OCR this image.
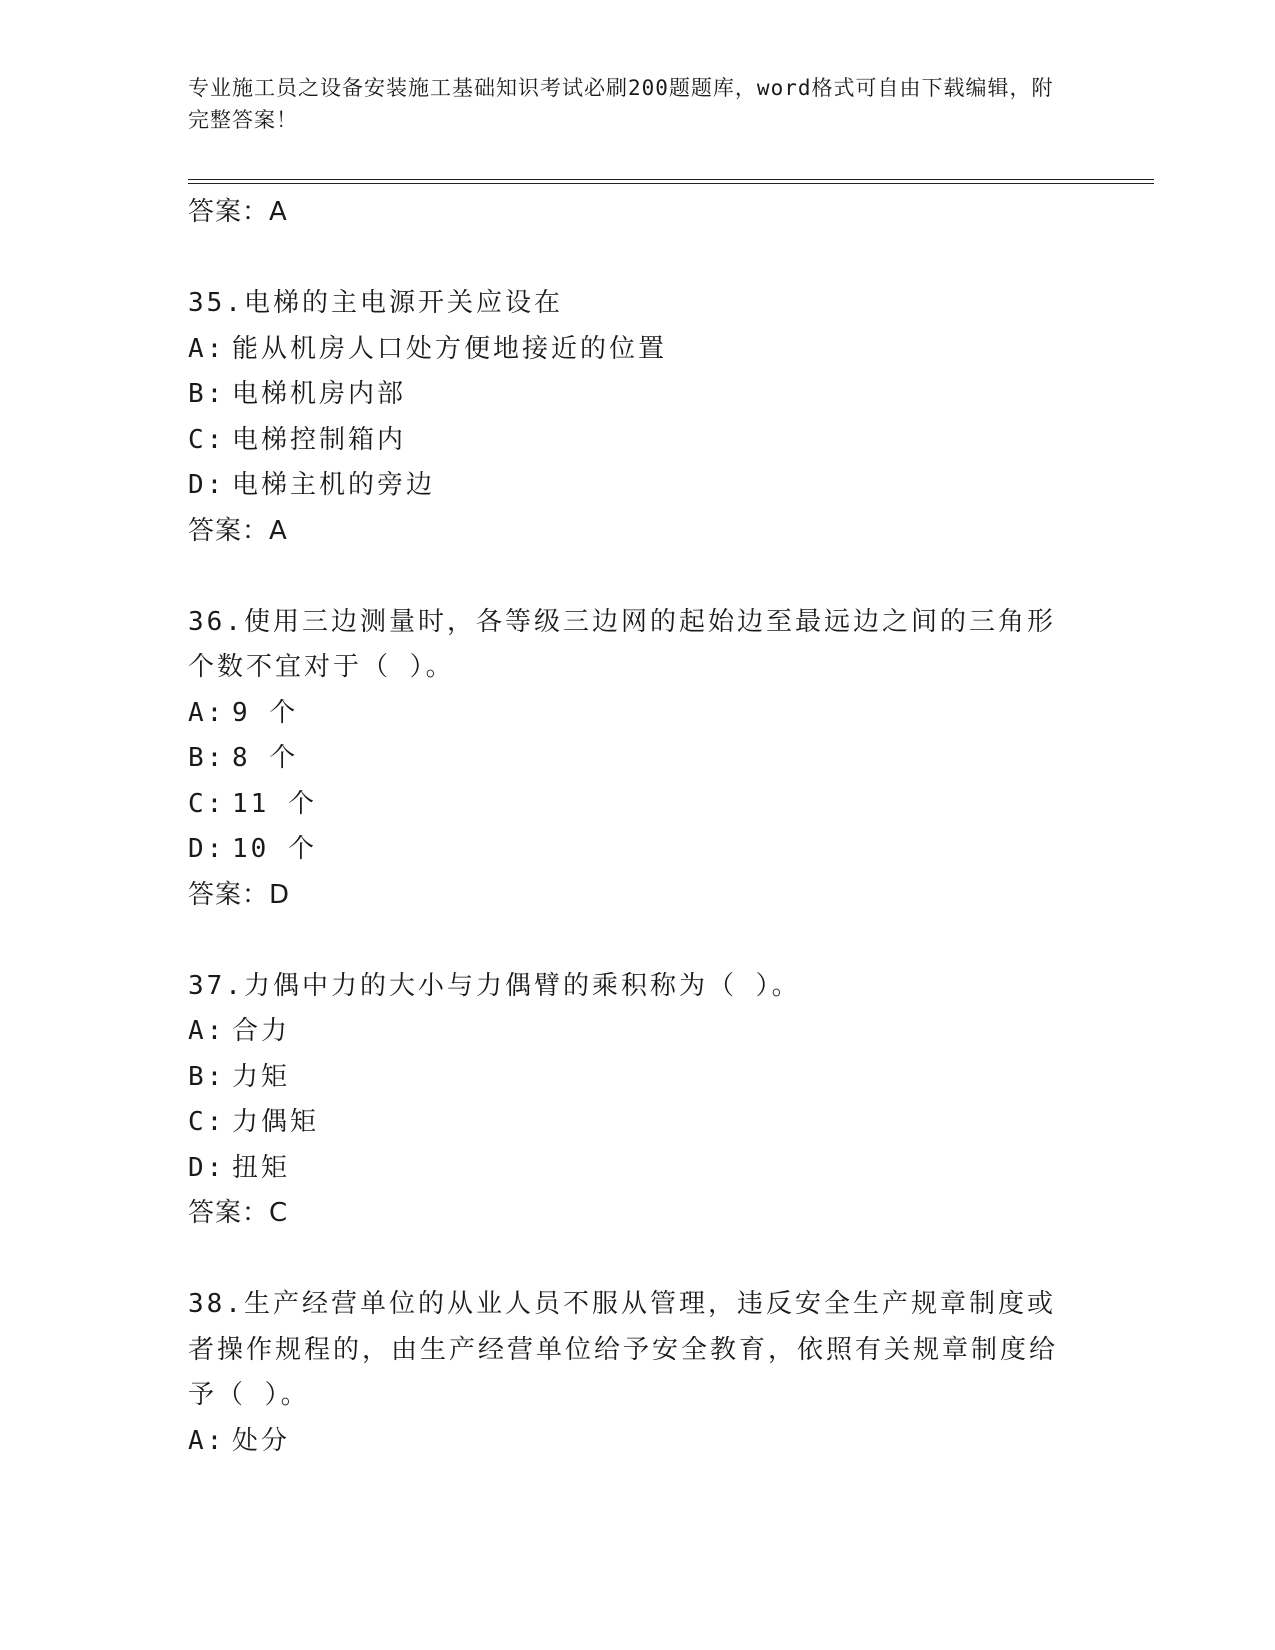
专业施工员之设备安装施工基础知识考试必刷200题题库，word格式可自由下载编辑，附完整答案！
答案：A
35.电梯的主电源开关应设在
A: 能从机房人口处方便地接近的位置
B: 电梯机房内部
C: 电梯控制箱内
D: 电梯主机的旁边
答案：A
36.使用三边测量时，各等级三边网的起始边至最远边之间的三角形个数不宜对于（ ）。
A: 9 个
B: 8 个
C: 11 个
D: 10 个
答案：D
37.力偶中力的大小与力偶臂的乘积称为（ ）。
A: 合力
B: 力矩
C: 力偶矩
D: 扭矩
答案：C
38.生产经营单位的从业人员不服从管理，违反安全生产规章制度或者操作规程的，由生产经营单位给予安全教育，依照有关规章制度给予（ ）。
A: 处分
